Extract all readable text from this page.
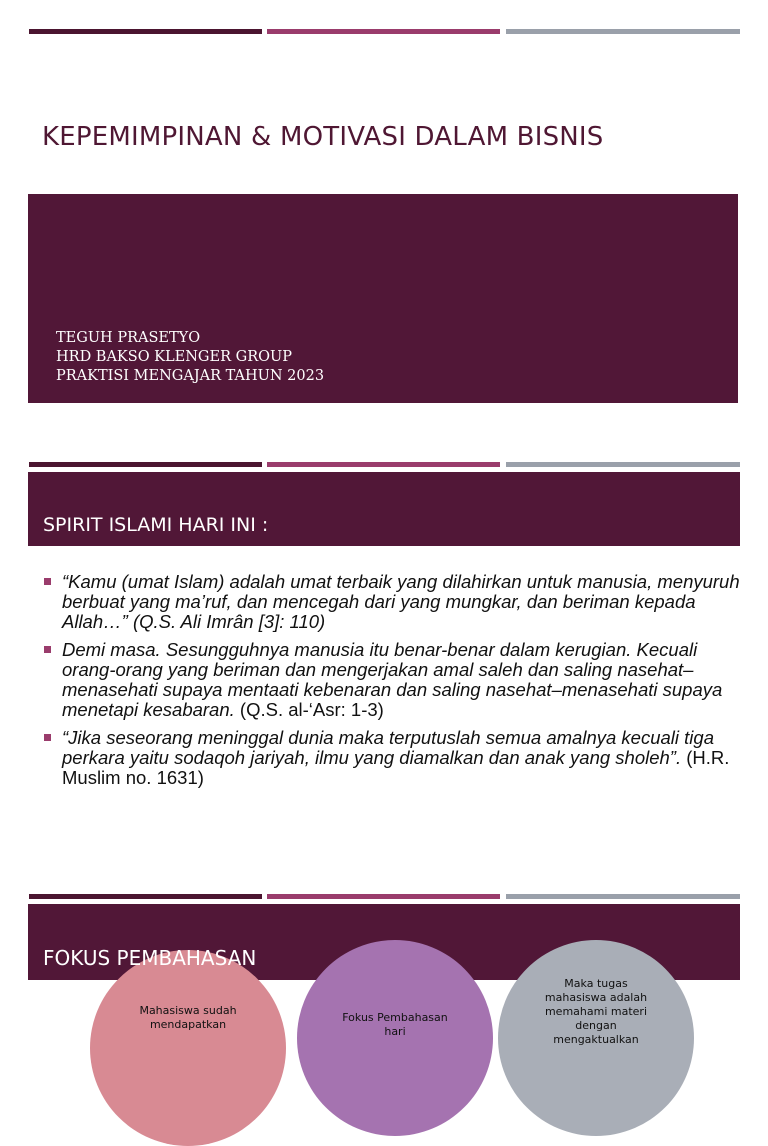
KEPEMIMPINAN & MOTIVASI DALAM BISNIS
TEGUH PRASETYO
HRD BAKSO KLENGER GROUP
PRAKTISI MENGAJAR TAHUN 2023
SPIRIT ISLAMI HARI INI :
“Kamu (umat Islam) adalah umat terbaik yang dilahirkan untuk manusia, menyuruh berbuat yang ma’ruf, dan mencegah dari yang mungkar, dan beriman kepada Allah…” (Q.S. Ali Imrân [3]: 110)
Demi masa. Sesungguhnya manusia itu benar-benar dalam kerugian. Kecuali orang-orang yang beriman dan mengerjakan amal saleh dan saling nasehat–menasehati supaya mentaati kebenaran dan saling nasehat–menasehati supaya menetapi kesabaran. (Q.S. al-‘Asr: 1-3)
“Jika seseorang meninggal dunia maka terputuslah semua amalnya kecuali tiga perkara yaitu sodaqoh jariyah, ilmu yang diamalkan dan anak yang sholeh”. (H.R. Muslim no. 1631)
FOKUS PEMBAHASAN
Mahasiswa sudah mendapatkan
Fokus Pembahasan hari
Maka tugas mahasiswa adalah memahami materi dengan mengaktualkan
